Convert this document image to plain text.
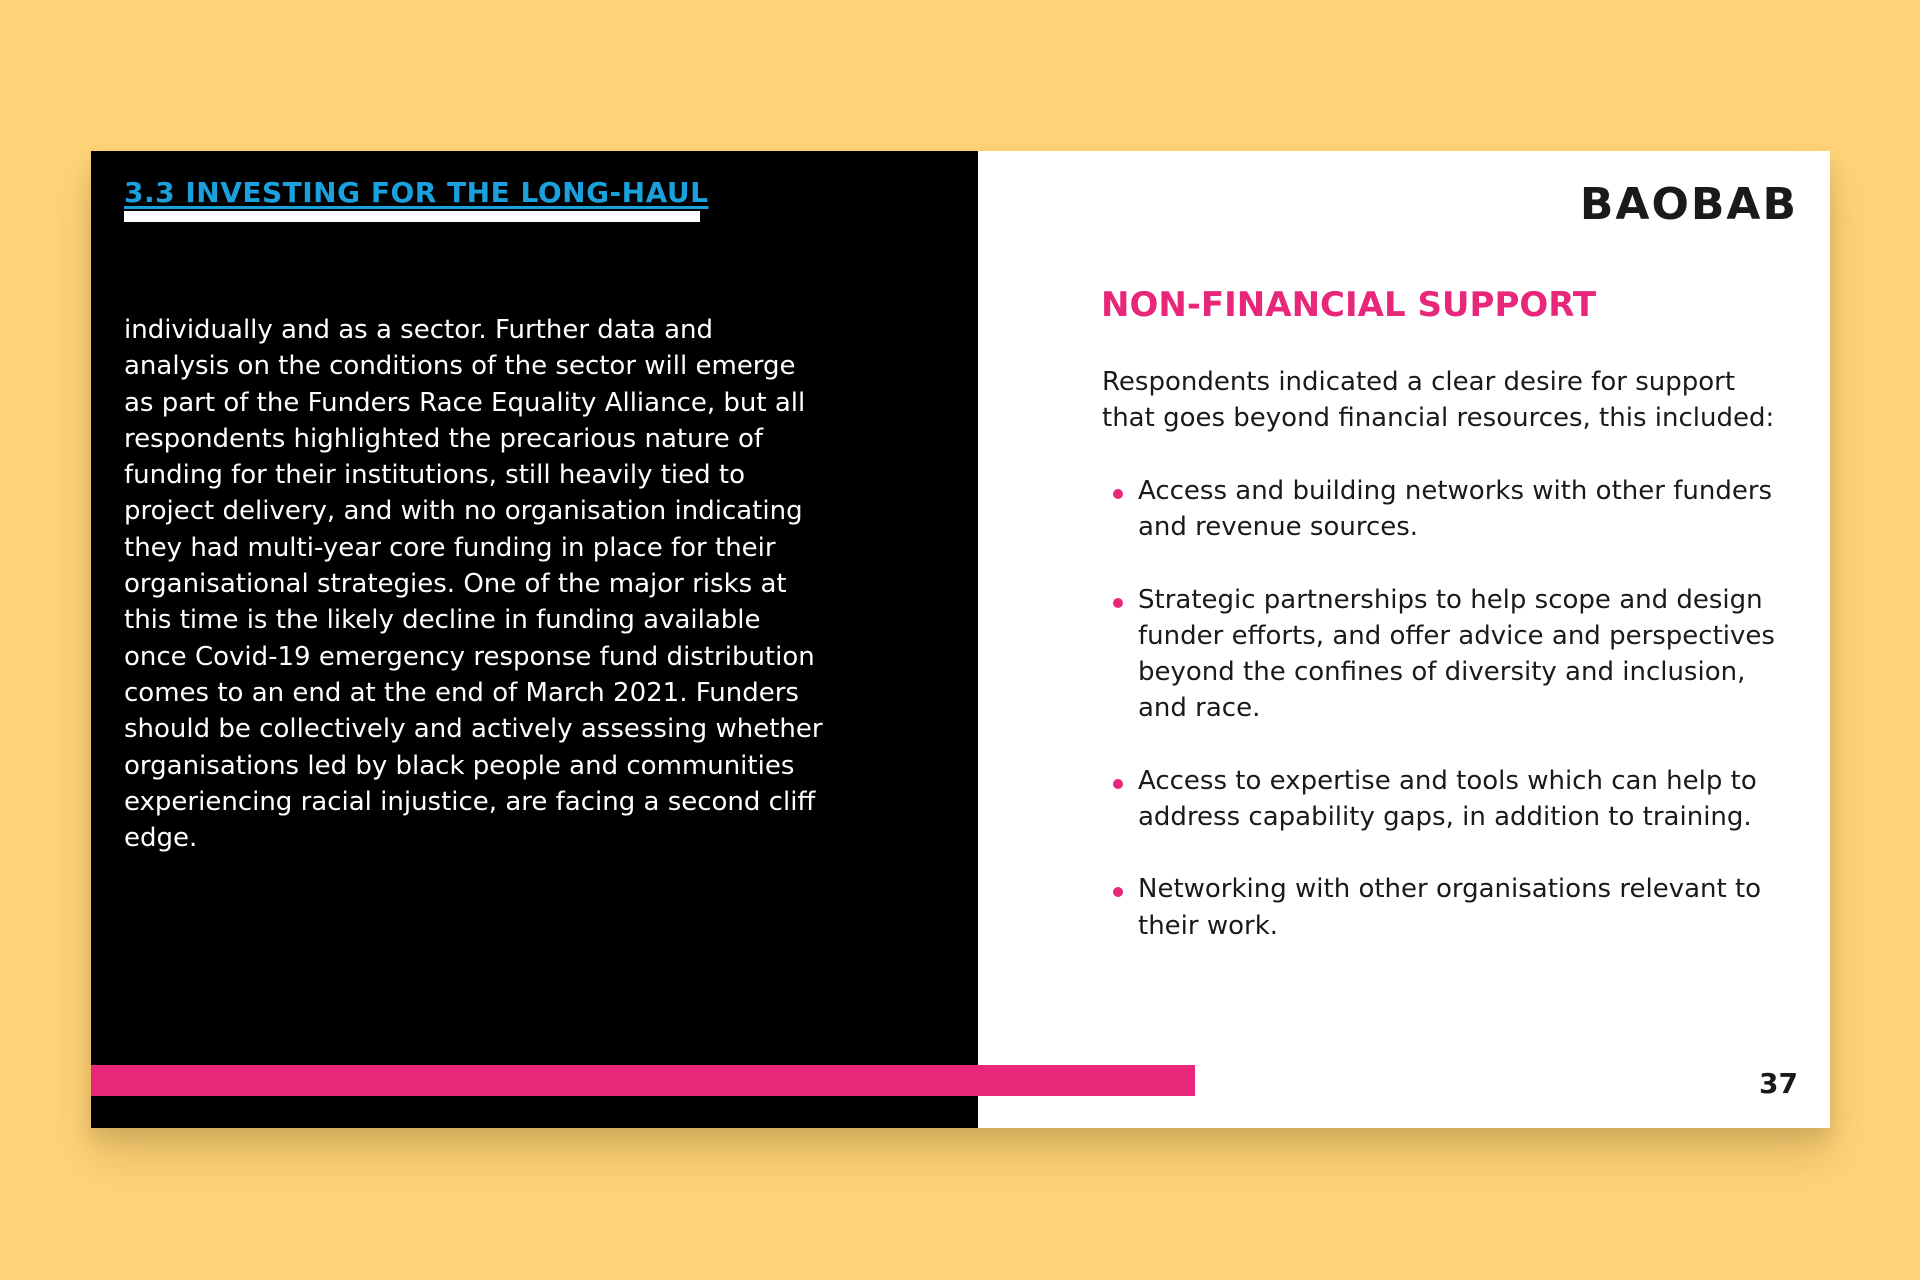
3.3 INVESTING FOR THE LONG-HAUL

individually and as a sector. Further data and analysis on the conditions of the sector will emerge as part of the Funders Race Equality Alliance, but all respondents highlighted the precarious nature of funding for their institutions, still heavily tied to project delivery, and with no organisation indicating they had multi-year core funding in place for their organisational strategies. One of the major risks at this time is the likely decline in funding available once Covid-19 emergency response fund distribution comes to an end at the end of March 2021. Funders should be collectively and actively assessing whether organisations led by black people and communities experiencing racial injustice, are facing a second cliff edge.

BAOBAB
NON-FINANCIAL SUPPORT

Respondents indicated a clear desire for support that goes beyond financial resources, this included:

Access and building networks with other funders and revenue sources.
Strategic partnerships to help scope and design funder efforts, and offer advice and perspectives beyond the confines of diversity and inclusion, and race.
Access to expertise and tools which can help to address capability gaps, in addition to training.
Networking with other organisations relevant to their work.
37
